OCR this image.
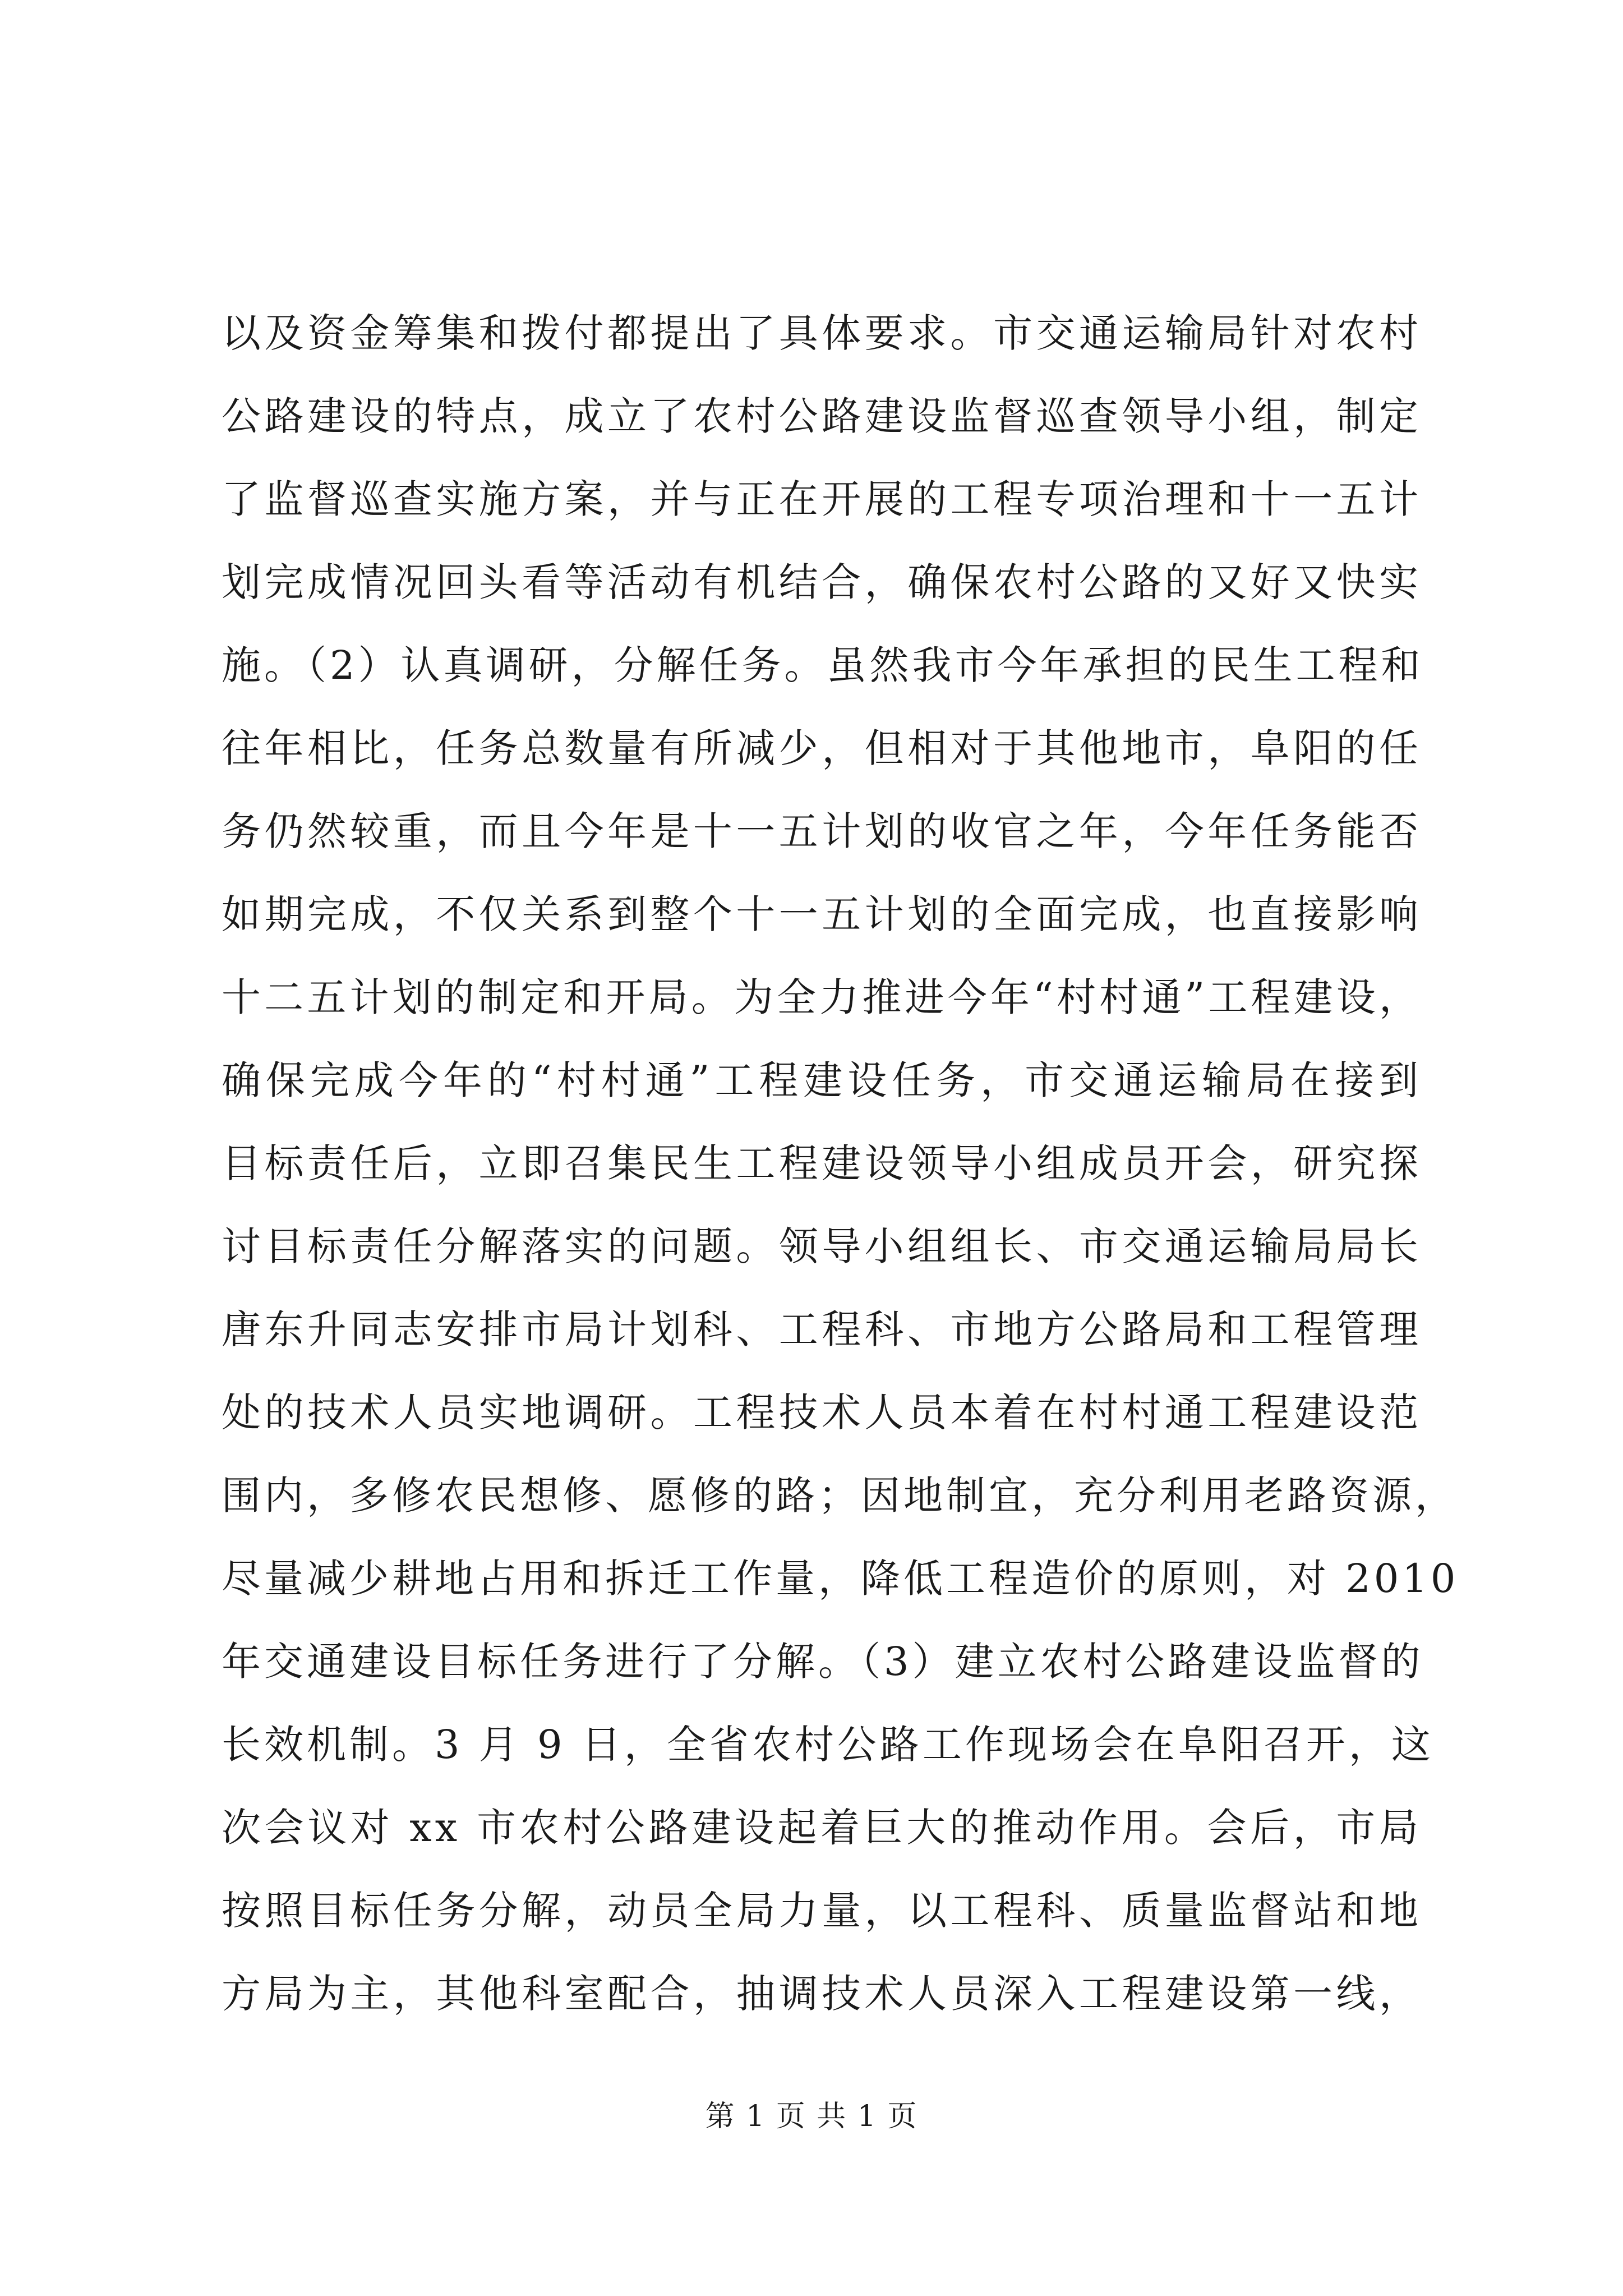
以及资金筹集和拨付都提出了具体要求。市交通运输局针对农村
公路建设的特点，成立了农村公路建设监督巡查领导小组，制定
了监督巡查实施方案，并与正在开展的工程专项治理和十一五计
划完成情况回头看等活动有机结合，确保农村公路的又好又快实
施。（2）认真调研，分解任务。虽然我市今年承担的民生工程和
往年相比，任务总数量有所减少，但相对于其他地市，阜阳的任
务仍然较重，而且今年是十一五计划的收官之年，今年任务能否
如期完成，不仅关系到整个十一五计划的全面完成，也直接影响
十二五计划的制定和开局。为全力推进今年“村村通”工程建设，
确保完成今年的“村村通”工程建设任务，市交通运输局在接到
目标责任后，立即召集民生工程建设领导小组成员开会，研究探
讨目标责任分解落实的问题。领导小组组长、市交通运输局局长
唐东升同志安排市局计划科、工程科、市地方公路局和工程管理
处的技术人员实地调研。工程技术人员本着在村村通工程建设范
围内，多修农民想修、愿修的路；因地制宜，充分利用老路资源，
尽量减少耕地占用和拆迁工作量，降低工程造价的原则，对 2010
年交通建设目标任务进行了分解。（3）建立农村公路建设监督的
长效机制。3 月 9 日，全省农村公路工作现场会在阜阳召开，这
次会议对 xx 市农村公路建设起着巨大的推动作用。会后，市局
按照目标任务分解，动员全局力量，以工程科、质量监督站和地
方局为主，其他科室配合，抽调技术人员深入工程建设第一线，
第 1 页 共 1 页
